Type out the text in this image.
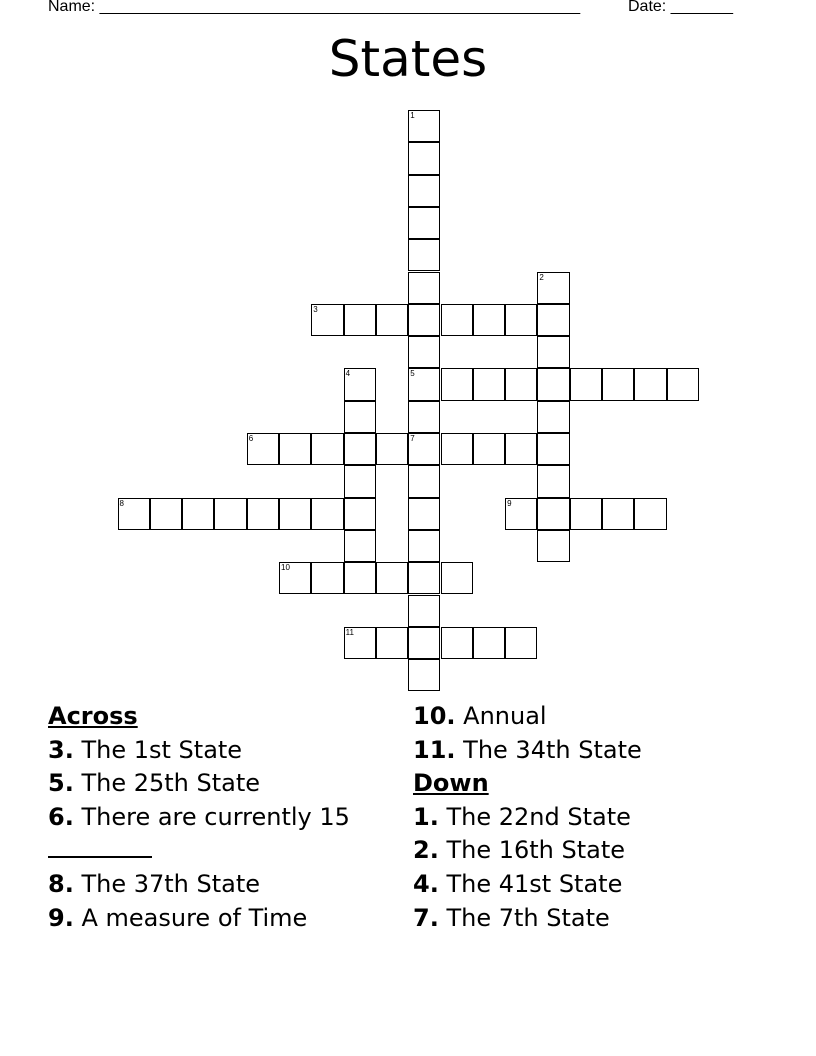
Name: ______________________________________________________	Date: _______
States
1
5
7
2
3
4
6
8	9
10
11
Across
3. The 1st State
5. The 25th State
6. There are currently 15

8. The 37th State
9. A measure of Time
10. Annual
11. The 34th State
Down
1. The 22nd State
2. The 16th State
4. The 41st State
7. The 7th State
